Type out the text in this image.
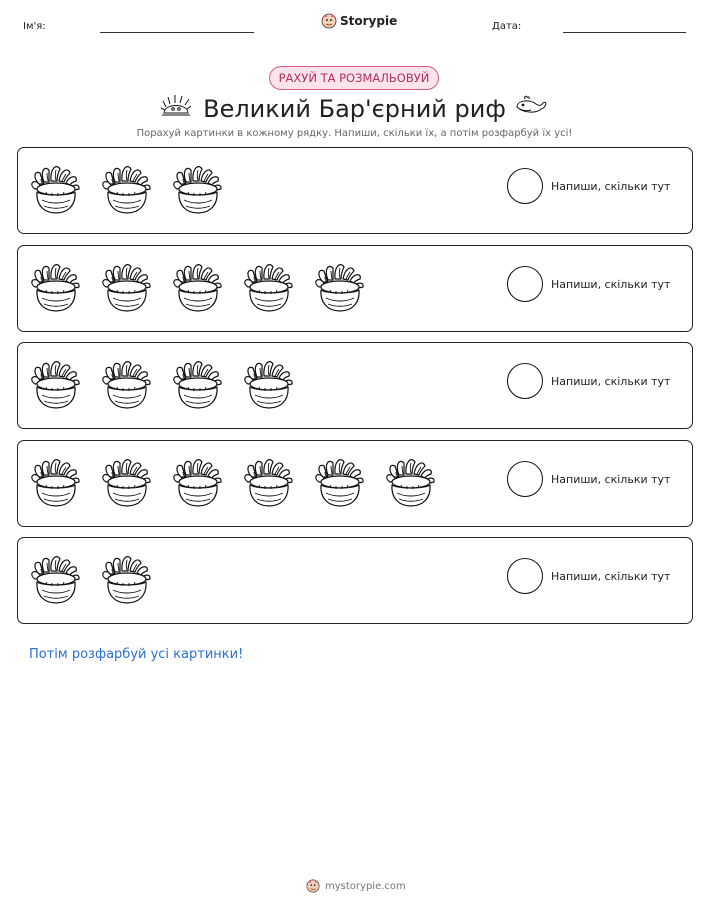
Ім'я:	Storypie	Дата:
РАХУЙ ТА РОЗМАЛЬОВУЙ
Великий Бар'єрний риф
Порахуй картинки в кожному рядку. Напиши, скільки їх, а потім розфарбуй їх усі!
Напиши, скільки тут
Напиши, скільки тут
Напиши, скільки тут
Напиши, скільки тут
Напиши, скільки тут
Потім розфарбуй усі картинки!
mystorypie.com
